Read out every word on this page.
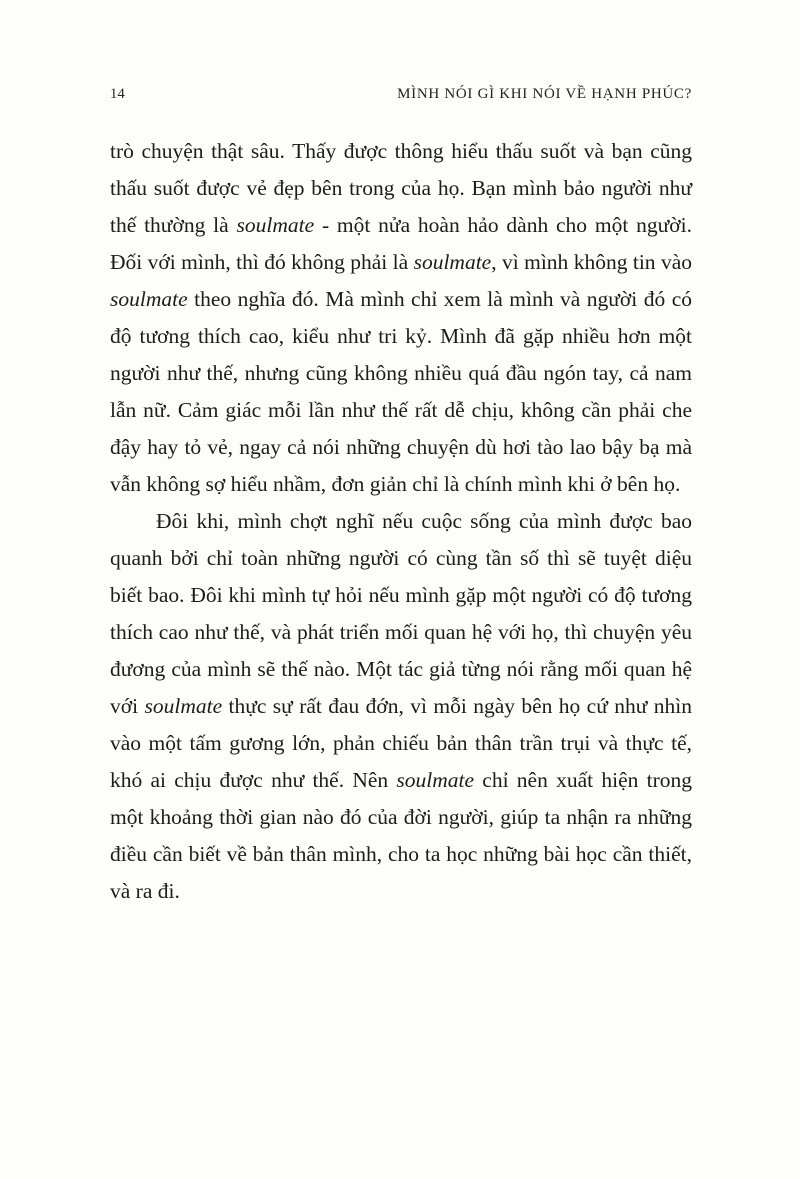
14	MÌNH NÓI GÌ KHI NÓI VỀ HẠNH PHÚC?

trò chuyện thật sâu. Thấy được thông hiểu thấu suốt và bạn cũng thấu suốt được vẻ đẹp bên trong của họ. Bạn mình bảo người như thế thường là soulmate - một nửa hoàn hảo dành cho một người. Đối với mình, thì đó không phải là soulmate, vì mình không tin vào soulmate theo nghĩa đó. Mà mình chỉ xem là mình và người đó có độ tương thích cao, kiểu như tri kỷ. Mình đã gặp nhiều hơn một người như thế, nhưng cũng không nhiều quá đầu ngón tay, cả nam lẫn nữ. Cảm giác mỗi lần như thế rất dễ chịu, không cần phải che đậy hay tỏ vẻ, ngay cả nói những chuyện dù hơi tào lao bậy bạ mà vẫn không sợ hiểu nhầm, đơn giản chỉ là chính mình khi ở bên họ.

Đôi khi, mình chợt nghĩ nếu cuộc sống của mình được bao quanh bởi chỉ toàn những người có cùng tần số thì sẽ tuyệt diệu biết bao. Đôi khi mình tự hỏi nếu mình gặp một người có độ tương thích cao như thế, và phát triển mối quan hệ với họ, thì chuyện yêu đương của mình sẽ thế nào. Một tác giả từng nói rằng mối quan hệ với soulmate thực sự rất đau đớn, vì mỗi ngày bên họ cứ như nhìn vào một tấm gương lớn, phản chiếu bản thân trần trụi và thực tế, khó ai chịu được như thế. Nên soulmate chỉ nên xuất hiện trong một khoảng thời gian nào đó của đời người, giúp ta nhận ra những điều cần biết về bản thân mình, cho ta học những bài học cần thiết, và ra đi.
